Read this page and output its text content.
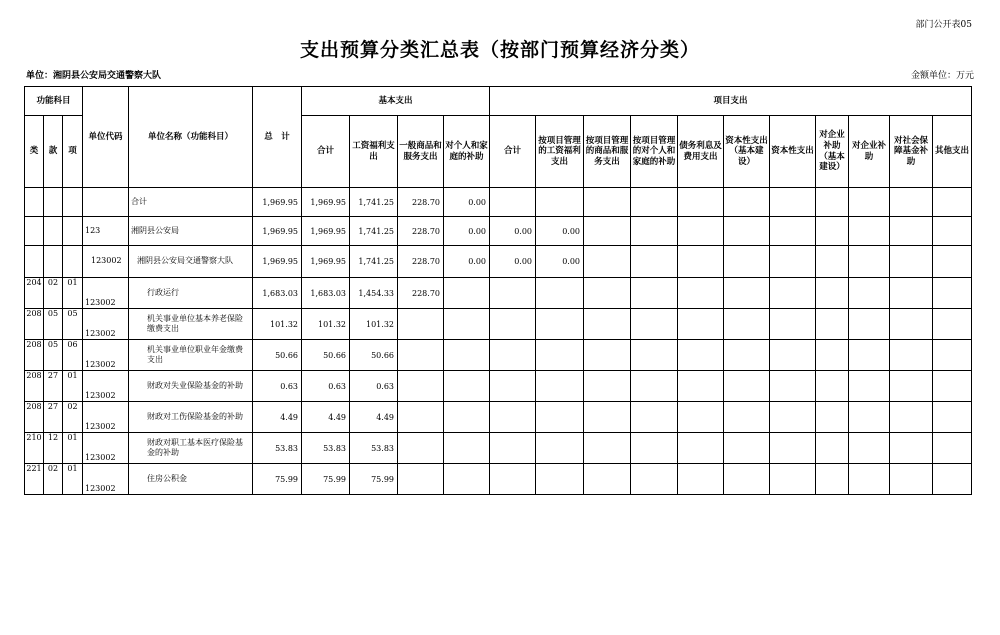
部门公开表05
支出预算分类汇总表（按部门预算经济分类）
单位：湘阴县公安局交通警察大队	金额单位：万元
功能科目			单位代码	单位名称（功能科目）	总　计	基本支出				项目支出										
类	款	项				合计	工资福利支出	一般商品和服务支出	对个人和家庭的补助	合计	按项目管理的工资福利支出	按项目管理的商品和服务支出	按项目管理的对个人和家庭的补助	债务利息及费用支出	资本性支出（基本建设）	资本性支出	对企业补助（基本建设）	对企业补助	对社会保障基金补助	其他支出

				合计	1,969.95	1,969.95	1,741.25	228.70	0.00											
			123	湘阴县公安局	1,969.95	1,969.95	1,741.25	228.70	0.00	0.00	0.00									
			123002	湘阴县公安局交通警察大队	1,969.95	1,969.95	1,741.25	228.70	0.00	0.00	0.00									
204	02	01	123002	行政运行	1,683.03	1,683.03	1,454.33	228.70												
208	05	05	123002	机关事业单位基本养老保险缴费支出	101.32	101.32	101.32													
208	05	06	123002	机关事业单位职业年金缴费支出	50.66	50.66	50.66													
208	27	01	123002	财政对失业保险基金的补助	0.63	0.63	0.63													
208	27	02	123002	财政对工伤保险基金的补助	4.49	4.49	4.49													
210	12	01	123002	财政对职工基本医疗保险基金的补助	53.83	53.83	53.83													
221	02	01	123002	住房公积金	75.99	75.99	75.99													
